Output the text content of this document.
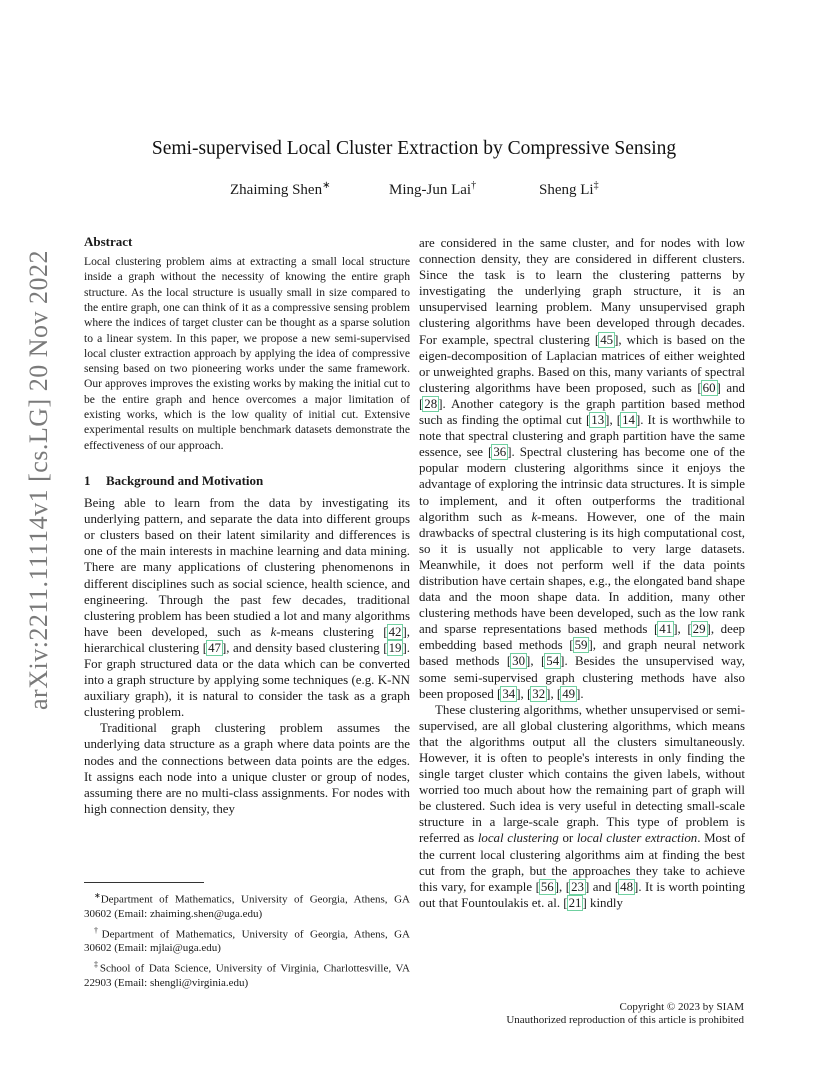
arXiv:2211.11114v1 [cs.LG] 20 Nov 2022
Semi-supervised Local Cluster Extraction by Compressive Sensing
Zhaiming Shen∗	Ming-Jun Lai†	Sheng Li‡
Abstract

Local clustering problem aims at extracting a small local structure inside a graph without the necessity of knowing the entire graph structure. As the local structure is usually small in size compared to the entire graph, one can think of it as a compressive sensing problem where the indices of target cluster can be thought as a sparse solution to a linear system. In this paper, we propose a new semi-supervised local cluster extraction approach by applying the idea of compressive sensing based on two pioneering works under the same framework. Our approves improves the existing works by making the initial cut to be the entire graph and hence overcomes a major limitation of existing works, which is the low quality of initial cut. Extensive experimental results on multiple benchmark datasets demonstrate the effectiveness of our approach.

1 Background and Motivation

Being able to learn from the data by investigating its underlying pattern, and separate the data into different groups or clusters based on their latent similarity and differences is one of the main interests in machine learning and data mining. There are many applications of clustering phenomenons in different disciplines such as social science, health science, and engineering. Through the past few decades, traditional clustering problem has been studied a lot and many algorithms have been developed, such as k-means clustering [42], hierarchical clustering [47], and density based clustering [19]. For graph structured data or the data which can be converted into a graph structure by applying some techniques (e.g. K-NN auxiliary graph), it is natural to consider the task as a graph clustering problem.

Traditional graph clustering problem assumes the underlying data structure as a graph where data points are the nodes and the connections between data points are the edges. It assigns each node into a unique cluster or group of nodes, assuming there are no multi-class assignments. For nodes with high connection density, they

∗Department of Mathematics, University of Georgia, Athens, GA 30602 (Email: zhaiming.shen@uga.edu)

†Department of Mathematics, University of Georgia, Athens, GA 30602 (Email: mjlai@uga.edu)

‡School of Data Science, University of Virginia, Charlottesville, VA 22903 (Email: shengli@virginia.edu)

are considered in the same cluster, and for nodes with low connection density, they are considered in different clusters. Since the task is to learn the clustering patterns by investigating the underlying graph structure, it is an unsupervised learning problem. Many unsupervised graph clustering algorithms have been developed through decades. For example, spectral clustering [45], which is based on the eigen-decomposition of Laplacian matrices of either weighted or unweighted graphs. Based on this, many variants of spectral clustering algorithms have been proposed, such as [60] and [28]. Another category is the graph partition based method such as finding the optimal cut [13], [14]. It is worthwhile to note that spectral clustering and graph partition have the same essence, see [36]. Spectral clustering has become one of the popular modern clustering algorithms since it enjoys the advantage of exploring the intrinsic data structures. It is simple to implement, and it often outperforms the traditional algorithm such as k-means. However, one of the main drawbacks of spectral clustering is its high computational cost, so it is usually not applicable to very large datasets. Meanwhile, it does not perform well if the data points distribution have certain shapes, e.g., the elongated band shape data and the moon shape data. In addition, many other clustering methods have been developed, such as the low rank and sparse representations based methods [41], [29], deep embedding based methods [59], and graph neural network based methods [30], [54]. Besides the unsupervised way, some semi-supervised graph clustering methods have also been proposed [34], [32], [49].

These clustering algorithms, whether unsupervised or semi-supervised, are all global clustering algorithms, which means that the algorithms output all the clusters simultaneously. However, it is often to people's interests in only finding the single target cluster which contains the given labels, without worried too much about how the remaining part of graph will be clustered. Such idea is very useful in detecting small-scale structure in a large-scale graph. This type of problem is referred as local clustering or local cluster extraction. Most of the current local clustering algorithms aim at finding the best cut from the graph, but the approaches they take to achieve this vary, for example [56], [23] and [48]. It is worth pointing out that Fountoulakis et. al. [21] kindly

Copyright © 2023 by SIAM
Unauthorized reproduction of this article is prohibited
